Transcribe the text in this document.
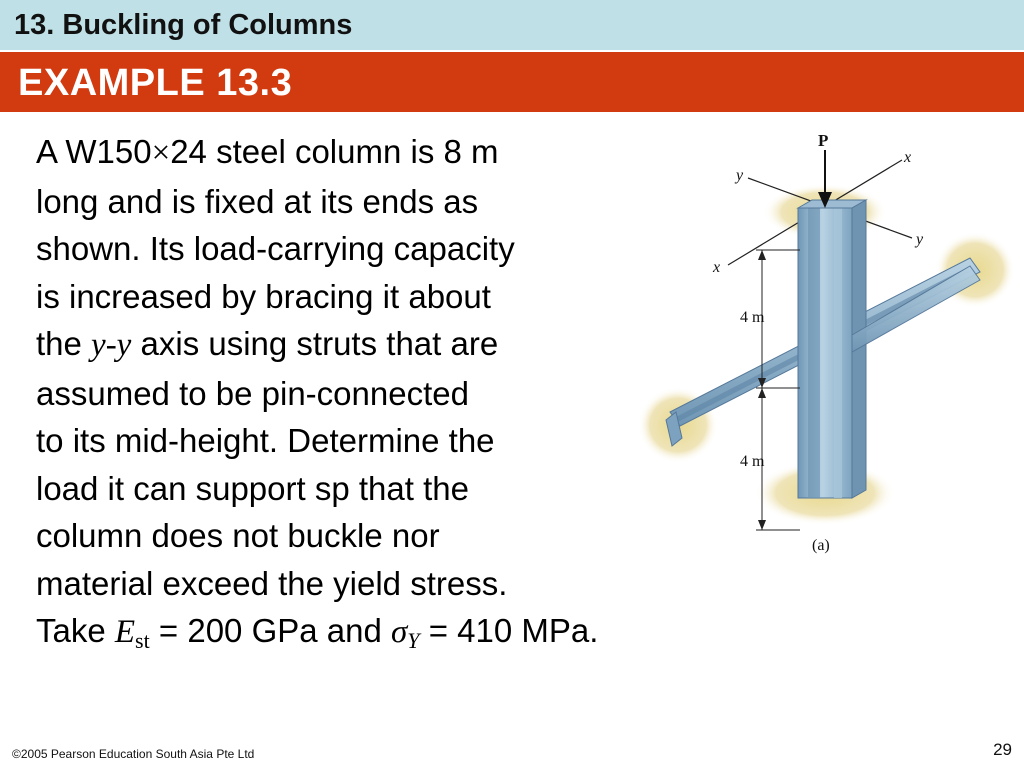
13. Buckling of Columns
EXAMPLE 13.3
A W150×24 steel column is 8 m
long and is fixed at its ends as
shown. Its load-carrying capacity
is increased by bracing it about
the y-y axis using struts that are
assumed to be pin-connected
to its mid-height. Determine the
load it can support sp that the
column does not buckle nor
material exceed the yield stress.
Take $E_{st} = 200$ GPa and $\sigma_Y = 410$ MPa.
P
x
y
y
x
4 m
4 m
(a)
©2005 Pearson Education South Asia Pte Ltd	29
